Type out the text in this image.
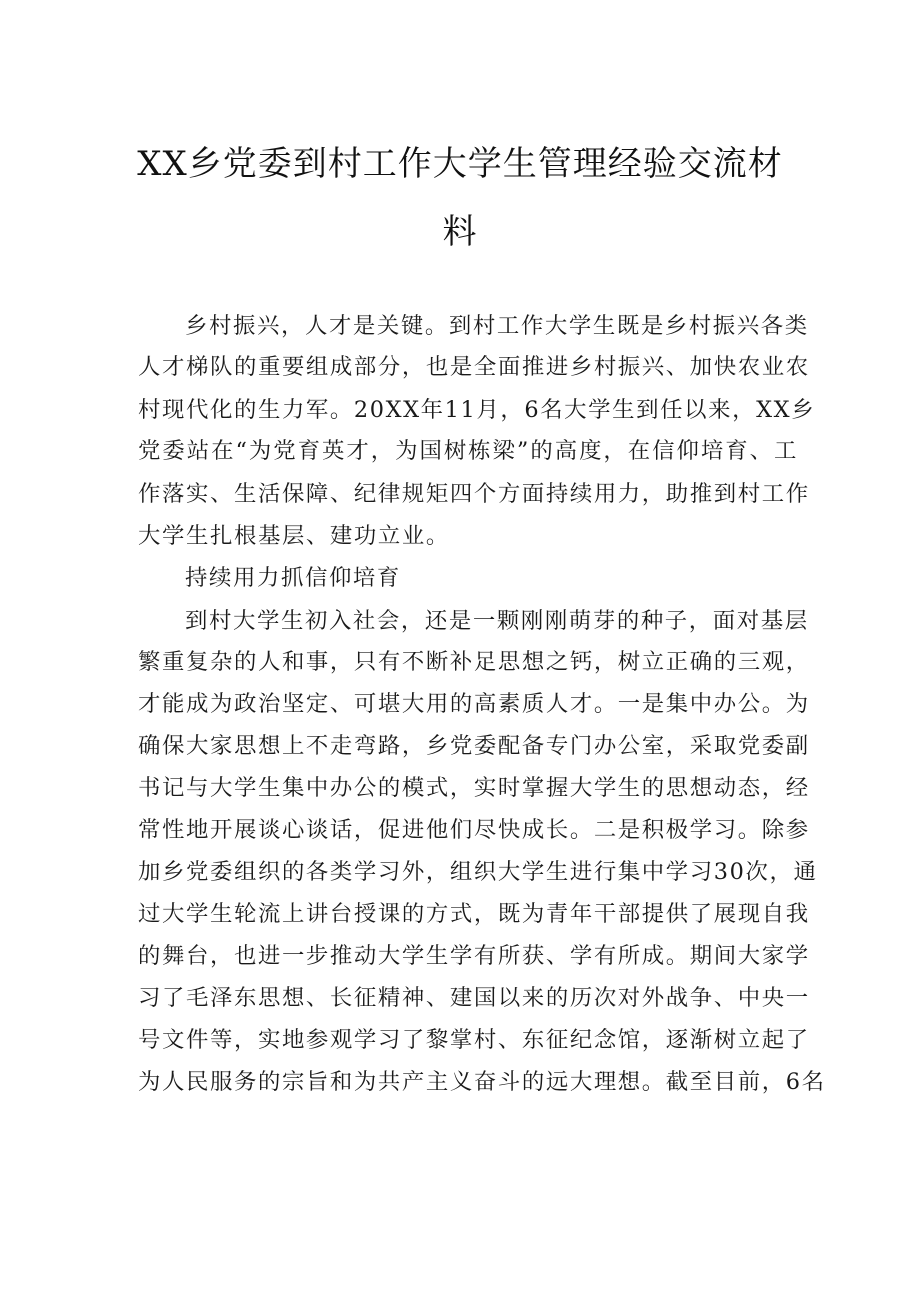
XX乡党委到村工作大学生管理经验交流材
料
乡村振兴，人才是关键。到村工作大学生既是乡村振兴各类
人才梯队的重要组成部分，也是全面推进乡村振兴、加快农业农
村现代化的生力军。20XX年11月，6名大学生到任以来，XX乡
党委站在“为党育英才，为国树栋梁”的高度，在信仰培育、工
作落实、生活保障、纪律规矩四个方面持续用力，助推到村工作
大学生扎根基层、建功立业。
持续用力抓信仰培育
到村大学生初入社会，还是一颗刚刚萌芽的种子，面对基层
繁重复杂的人和事，只有不断补足思想之钙，树立正确的三观，
才能成为政治坚定、可堪大用的高素质人才。一是集中办公。为
确保大家思想上不走弯路，乡党委配备专门办公室，采取党委副
书记与大学生集中办公的模式，实时掌握大学生的思想动态，经
常性地开展谈心谈话，促进他们尽快成长。二是积极学习。除参
加乡党委组织的各类学习外，组织大学生进行集中学习30次，通
过大学生轮流上讲台授课的方式，既为青年干部提供了展现自我
的舞台，也进一步推动大学生学有所获、学有所成。期间大家学
习了毛泽东思想、长征精神、建国以来的历次对外战争、中央一
号文件等，实地参观学习了黎掌村、东征纪念馆，逐渐树立起了
为人民服务的宗旨和为共产主义奋斗的远大理想。截至目前，6名
